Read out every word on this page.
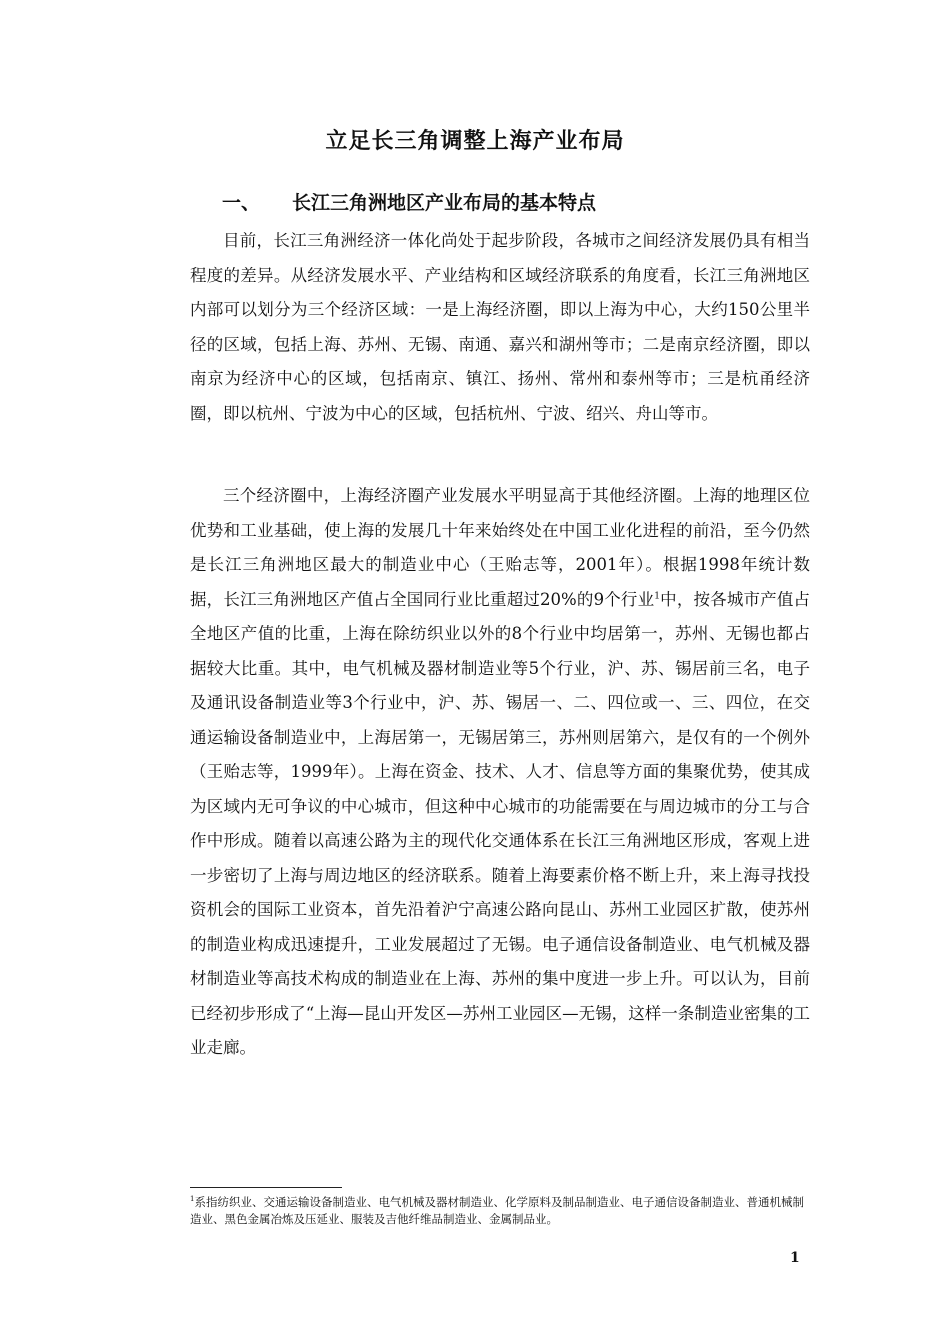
立足长三角调整上海产业布局
一、 长江三角洲地区产业布局的基本特点

目前，长江三角洲经济一体化尚处于起步阶段，各城市之间经济发展仍具有相当程度的差异。从经济发展水平、产业结构和区域经济联系的角度看，长江三角洲地区内部可以划分为三个经济区域：一是上海经济圈，即以上海为中心，大约150公里半径的区域，包括上海、苏州、无锡、南通、嘉兴和湖州等市；二是南京经济圈，即以南京为经济中心的区域，包括南京、镇江、扬州、常州和泰州等市；三是杭甬经济圈，即以杭州、宁波为中心的区域，包括杭州、宁波、绍兴、舟山等市。

三个经济圈中，上海经济圈产业发展水平明显高于其他经济圈。上海的地理区位优势和工业基础，使上海的发展几十年来始终处在中国工业化进程的前沿，至今仍然是长江三角洲地区最大的制造业中心（王贻志等，2001年）。根据1998年统计数据，长江三角洲地区产值占全国同行业比重超过20%的9个行业$^1$中，按各城市产值占全地区产值的比重，上海在除纺织业以外的8个行业中均居第一，苏州、无锡也都占据较大比重。其中，电气机械及器材制造业等5个行业，沪、苏、锡居前三名，电子及通讯设备制造业等3个行业中，沪、苏、锡居一、二、四位或一、三、四位，在交通运输设备制造业中，上海居第一，无锡居第三，苏州则居第六，是仅有的一个例外（王贻志等，1999年）。上海在资金、技术、人才、信息等方面的集聚优势，使其成为区域内无可争议的中心城市，但这种中心城市的功能需要在与周边城市的分工与合作中形成。随着以高速公路为主的现代化交通体系在长江三角洲地区形成，客观上进一步密切了上海与周边地区的经济联系。随着上海要素价格不断上升，来上海寻找投资机会的国际工业资本，首先沿着沪宁高速公路向昆山、苏州工业园区扩散，使苏州的制造业构成迅速提升，工业发展超过了无锡。电子通信设备制造业、电气机械及器材制造业等高技术构成的制造业在上海、苏州的集中度进一步上升。可以认为，目前已经初步形成了“上海—昆山开发区—苏州工业园区—无锡，这样一条制造业密集的工业走廊。

$^1$系指纺织业、交通运输设备制造业、电气机械及器材制造业、化学原料及制品制造业、电子通信设备制造业、普通机械制造业、黑色金属冶炼及压延业、服装及吉他纤维品制造业、金属制品业。
1
